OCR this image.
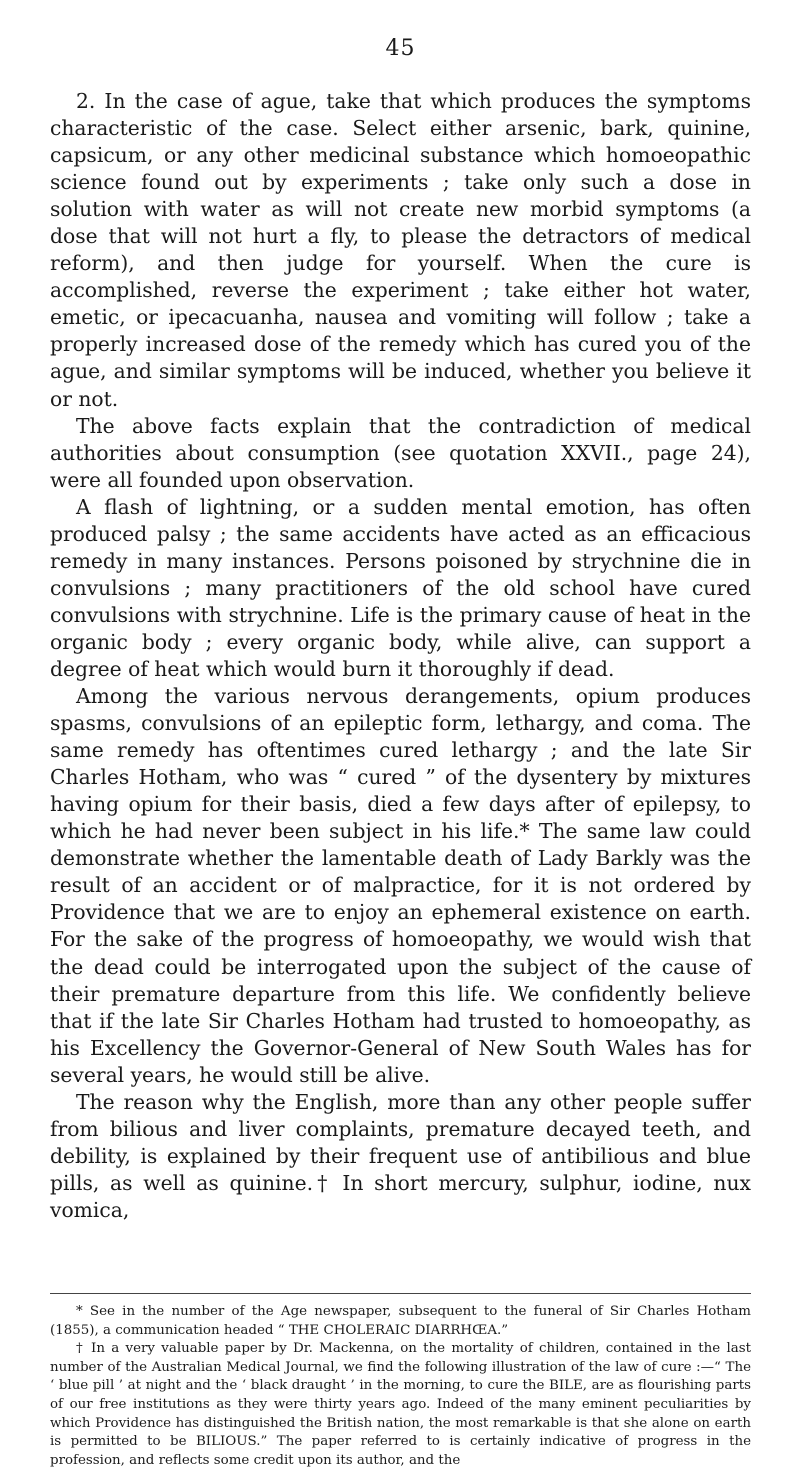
45

2. In the case of ague, take that which produces the symptoms characteristic of the case. Select either arsenic, bark, quinine, capsicum, or any other medicinal substance which homoeopathic science found out by experiments ; take only such a dose in solution with water as will not create new morbid symptoms (a dose that will not hurt a fly, to please the detractors of medical reform), and then judge for yourself. When the cure is accomplished, reverse the experiment ; take either hot water, emetic, or ipecacuanha, nausea and vomiting will follow ; take a properly increased dose of the remedy which has cured you of the ague, and similar symptoms will be induced, whether you believe it or not.

The above facts explain that the contradiction of medical authorities about consumption (see quotation XXVII., page 24), were all founded upon observation.

A flash of lightning, or a sudden mental emotion, has often produced palsy ; the same accidents have acted as an efficacious remedy in many instances. Persons poisoned by strychnine die in convulsions ; many practitioners of the old school have cured convulsions with strychnine. Life is the primary cause of heat in the organic body ; every organic body, while alive, can support a degree of heat which would burn it thoroughly if dead.

Among the various nervous derangements, opium produces spasms, convulsions of an epileptic form, lethargy, and coma. The same remedy has oftentimes cured lethargy ; and the late Sir Charles Hotham, who was “ cured ” of the dysentery by mixtures having opium for their basis, died a few days after of epilepsy, to which he had never been subject in his life.* The same law could demonstrate whether the lamentable death of Lady Barkly was the result of an accident or of malpractice, for it is not ordered by Providence that we are to enjoy an ephemeral existence on earth. For the sake of the progress of homoeopathy, we would wish that the dead could be interrogated upon the subject of the cause of their premature departure from this life. We confidently believe that if the late Sir Charles Hotham had trusted to homoeopathy, as his Excellency the Governor-General of New South Wales has for several years, he would still be alive.

The reason why the English, more than any other people suffer from bilious and liver complaints, premature decayed teeth, and debility, is explained by their frequent use of antibilious and blue pills, as well as quinine.† In short mercury, sulphur, iodine, nux vomica,

* See in the number of the Age newspaper, subsequent to the funeral of Sir Charles Hotham (1855), a communication headed “ THE CHOLERAIC DIARRHŒA.”

† In a very valuable paper by Dr. Mackenna, on the mortality of children, contained in the last number of the Australian Medical Journal, we find the following illustration of the law of cure :—“ The ‘ blue pill ’ at night and the ‘ black draught ’ in the morning, to cure the BILE, are as flourishing parts of our free institutions as they were thirty years ago. Indeed of the many eminent peculiarities by which Providence has distinguished the British nation, the most remarkable is that she alone on earth is permitted to be BILIOUS.” The paper referred to is certainly indicative of progress in the profession, and reflects some credit upon its author, and the
